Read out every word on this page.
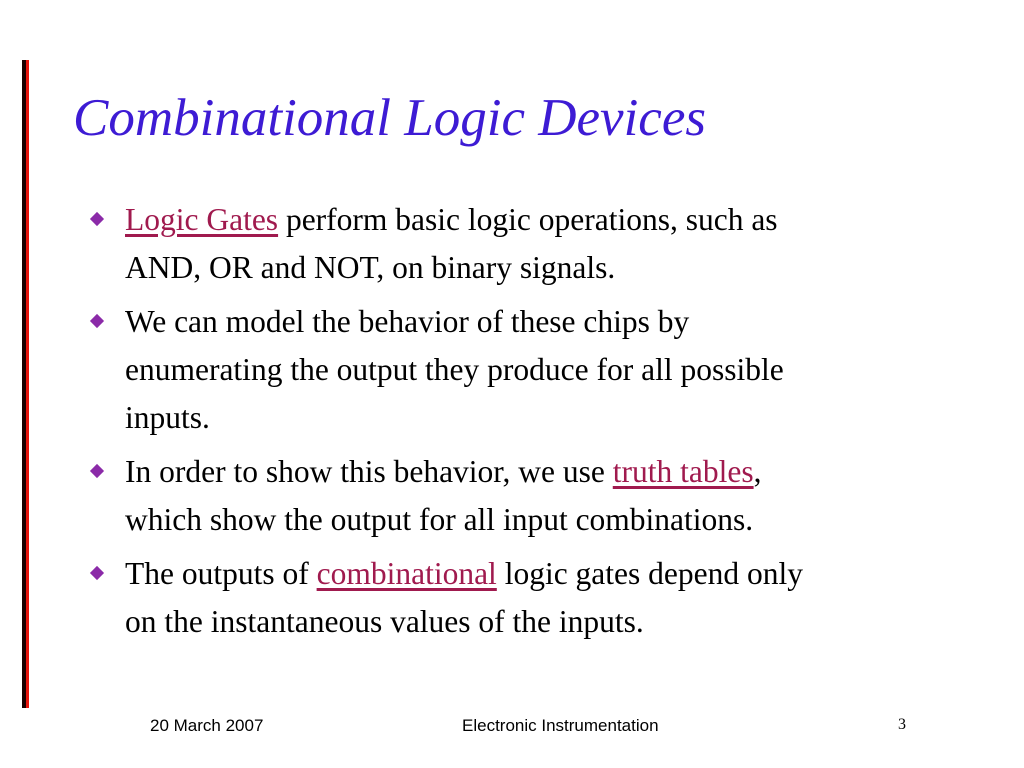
Combinational Logic Devices
Logic Gates perform basic logic operations, such as
AND, OR and NOT, on binary signals.
We can model the behavior of these chips by
enumerating the output they produce for all possible
inputs.
In order to show this behavior, we use truth tables,
which show the output for all input combinations.
The outputs of combinational logic gates depend only
on the instantaneous values of the inputs.
20 March 2007	Electronic Instrumentation	3
